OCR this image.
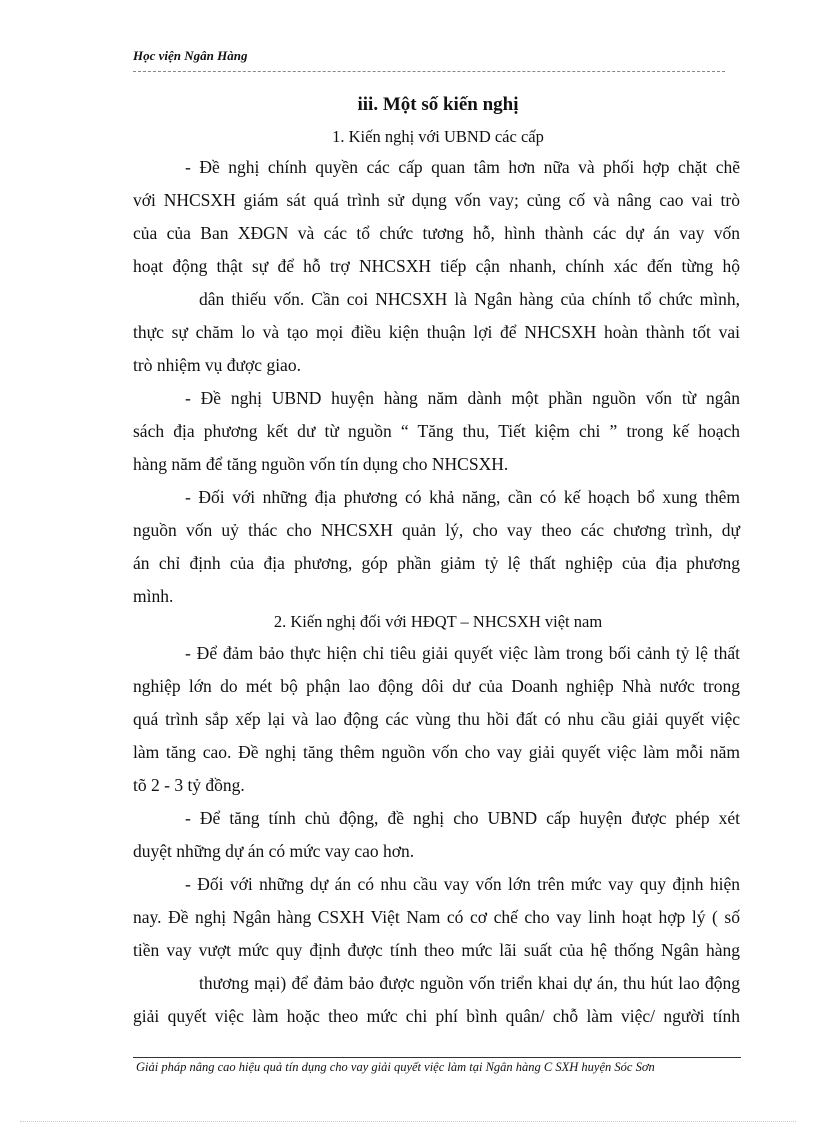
Học viện Ngân Hàng
iii. Một số kiến nghị
1. Kiến nghị với UBND các cấp
- Đề nghị chính quyền các cấp quan tâm hơn nữa và phối hợp chặt chẽ
với NHCSXH giám sát quá trình sử dụng vốn vay; củng cố và nâng cao vai trò
của của Ban XĐGN và các tổ chức tương hỗ, hình thành các dự án vay vốn
hoạt động thật sự để hỗ trợ NHCSXH tiếp cận nhanh, chính xác đến từng hộ
dân thiếu vốn. Cần coi NHCSXH là Ngân hàng của chính tổ chức mình,
thực sự chăm lo và tạo mọi điều kiện thuận lợi để NHCSXH hoàn thành tốt vai
trò nhiệm vụ được giao.
- Đề nghị UBND huyện hàng năm dành một phần nguồn vốn từ ngân
sách địa phương kết dư từ nguồn “ Tăng thu, Tiết kiệm chi ” trong kế hoạch
hàng năm để tăng nguồn vốn tín dụng cho NHCSXH.
- Đối với những địa phương có khả năng, cần có kế hoạch bổ xung thêm
nguồn vốn uỷ thác cho NHCSXH quản lý, cho vay theo các chương trình, dự
án chỉ định của địa phương, góp phần giảm tỷ lệ thất nghiệp của địa phương
mình.
2. Kiến nghị đối với HĐQT – NHCSXH việt nam
- Để đảm bảo thực hiện chỉ tiêu giải quyết việc làm trong bối cảnh tỷ lệ thất
nghiệp lớn do mét bộ phận lao động dôi dư của Doanh nghiệp Nhà nước trong
quá trình sắp xếp lại và lao động các vùng thu hồi đất có nhu cầu giải quyết việc
làm tăng cao. Đề nghị tăng thêm nguồn vốn cho vay giải quyết việc làm mỗi năm
tõ 2 - 3 tỷ đồng.
- Để tăng tính chủ động, đề nghị cho UBND cấp huyện được phép xét
duyệt những dự án có mức vay cao hơn.
- Đối với những dự án có nhu cầu vay vốn lớn trên mức vay quy định hiện
nay. Đề nghị Ngân hàng CSXH Việt Nam có cơ chế cho vay linh hoạt hợp lý ( số
tiền vay vượt mức quy định được tính theo mức lãi suất của hệ thống Ngân hàng
thương mại) để đảm bảo được nguồn vốn triển khai dự án, thu hút lao động
giải quyết việc làm hoặc theo mức chi phí bình quân/ chỗ làm việc/ người tính
Giải pháp nâng cao hiệu quả tín dụng cho vay giải quyết việc làm tại Ngân hàng C SXH huyện Sóc Sơn
